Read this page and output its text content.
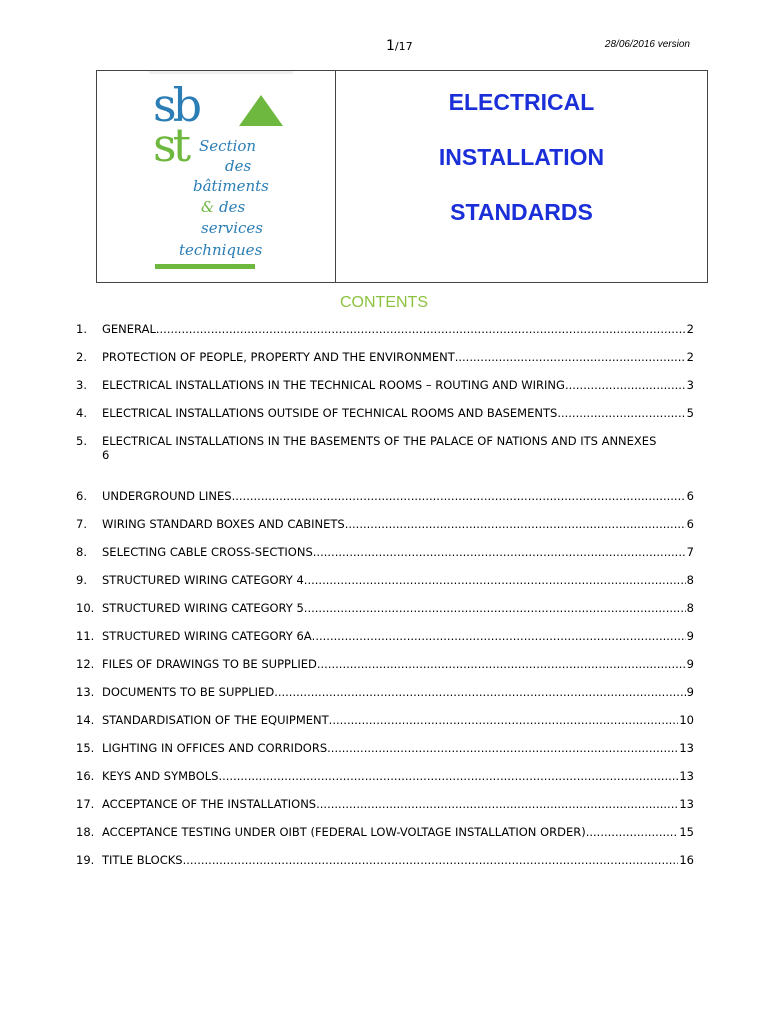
1/17	28/06/2016 version
sb
st Section
des
bâtiments
& des
services
techniques
ELECTRICAL
INSTALLATION
STANDARDS
CONTENTS
1. GENERAL .....	2
2. PROTECTION OF PEOPLE, PROPERTY AND THE ENVIRONMENT .....	2
3. ELECTRICAL INSTALLATIONS IN THE TECHNICAL ROOMS – ROUTING AND WIRING .....	3
4. ELECTRICAL INSTALLATIONS OUTSIDE OF TECHNICAL ROOMS AND BASEMENTS .....	5
5. ELECTRICAL INSTALLATIONS IN THE BASEMENTS OF THE PALACE OF NATIONS AND ITS ANNEXES
6
6. UNDERGROUND LINES .....	6
7. WIRING STANDARD BOXES AND CABINETS .....	6
8. SELECTING CABLE CROSS-SECTIONS .....	7
9. STRUCTURED WIRING CATEGORY 4 .....	8
10. STRUCTURED WIRING CATEGORY 5 .....	8
11. STRUCTURED WIRING CATEGORY 6A .....	9
12. FILES OF DRAWINGS TO BE SUPPLIED .....	9
13. DOCUMENTS TO BE SUPPLIED .....	9
14. STANDARDISATION OF THE EQUIPMENT .....	10
15. LIGHTING IN OFFICES AND CORRIDORS .....	13
16. KEYS AND SYMBOLS .....	13
17. ACCEPTANCE OF THE INSTALLATIONS .....	13
18. ACCEPTANCE TESTING UNDER OIBT (FEDERAL LOW-VOLTAGE INSTALLATION ORDER) .....	15
19. TITLE BLOCKS .....	16
